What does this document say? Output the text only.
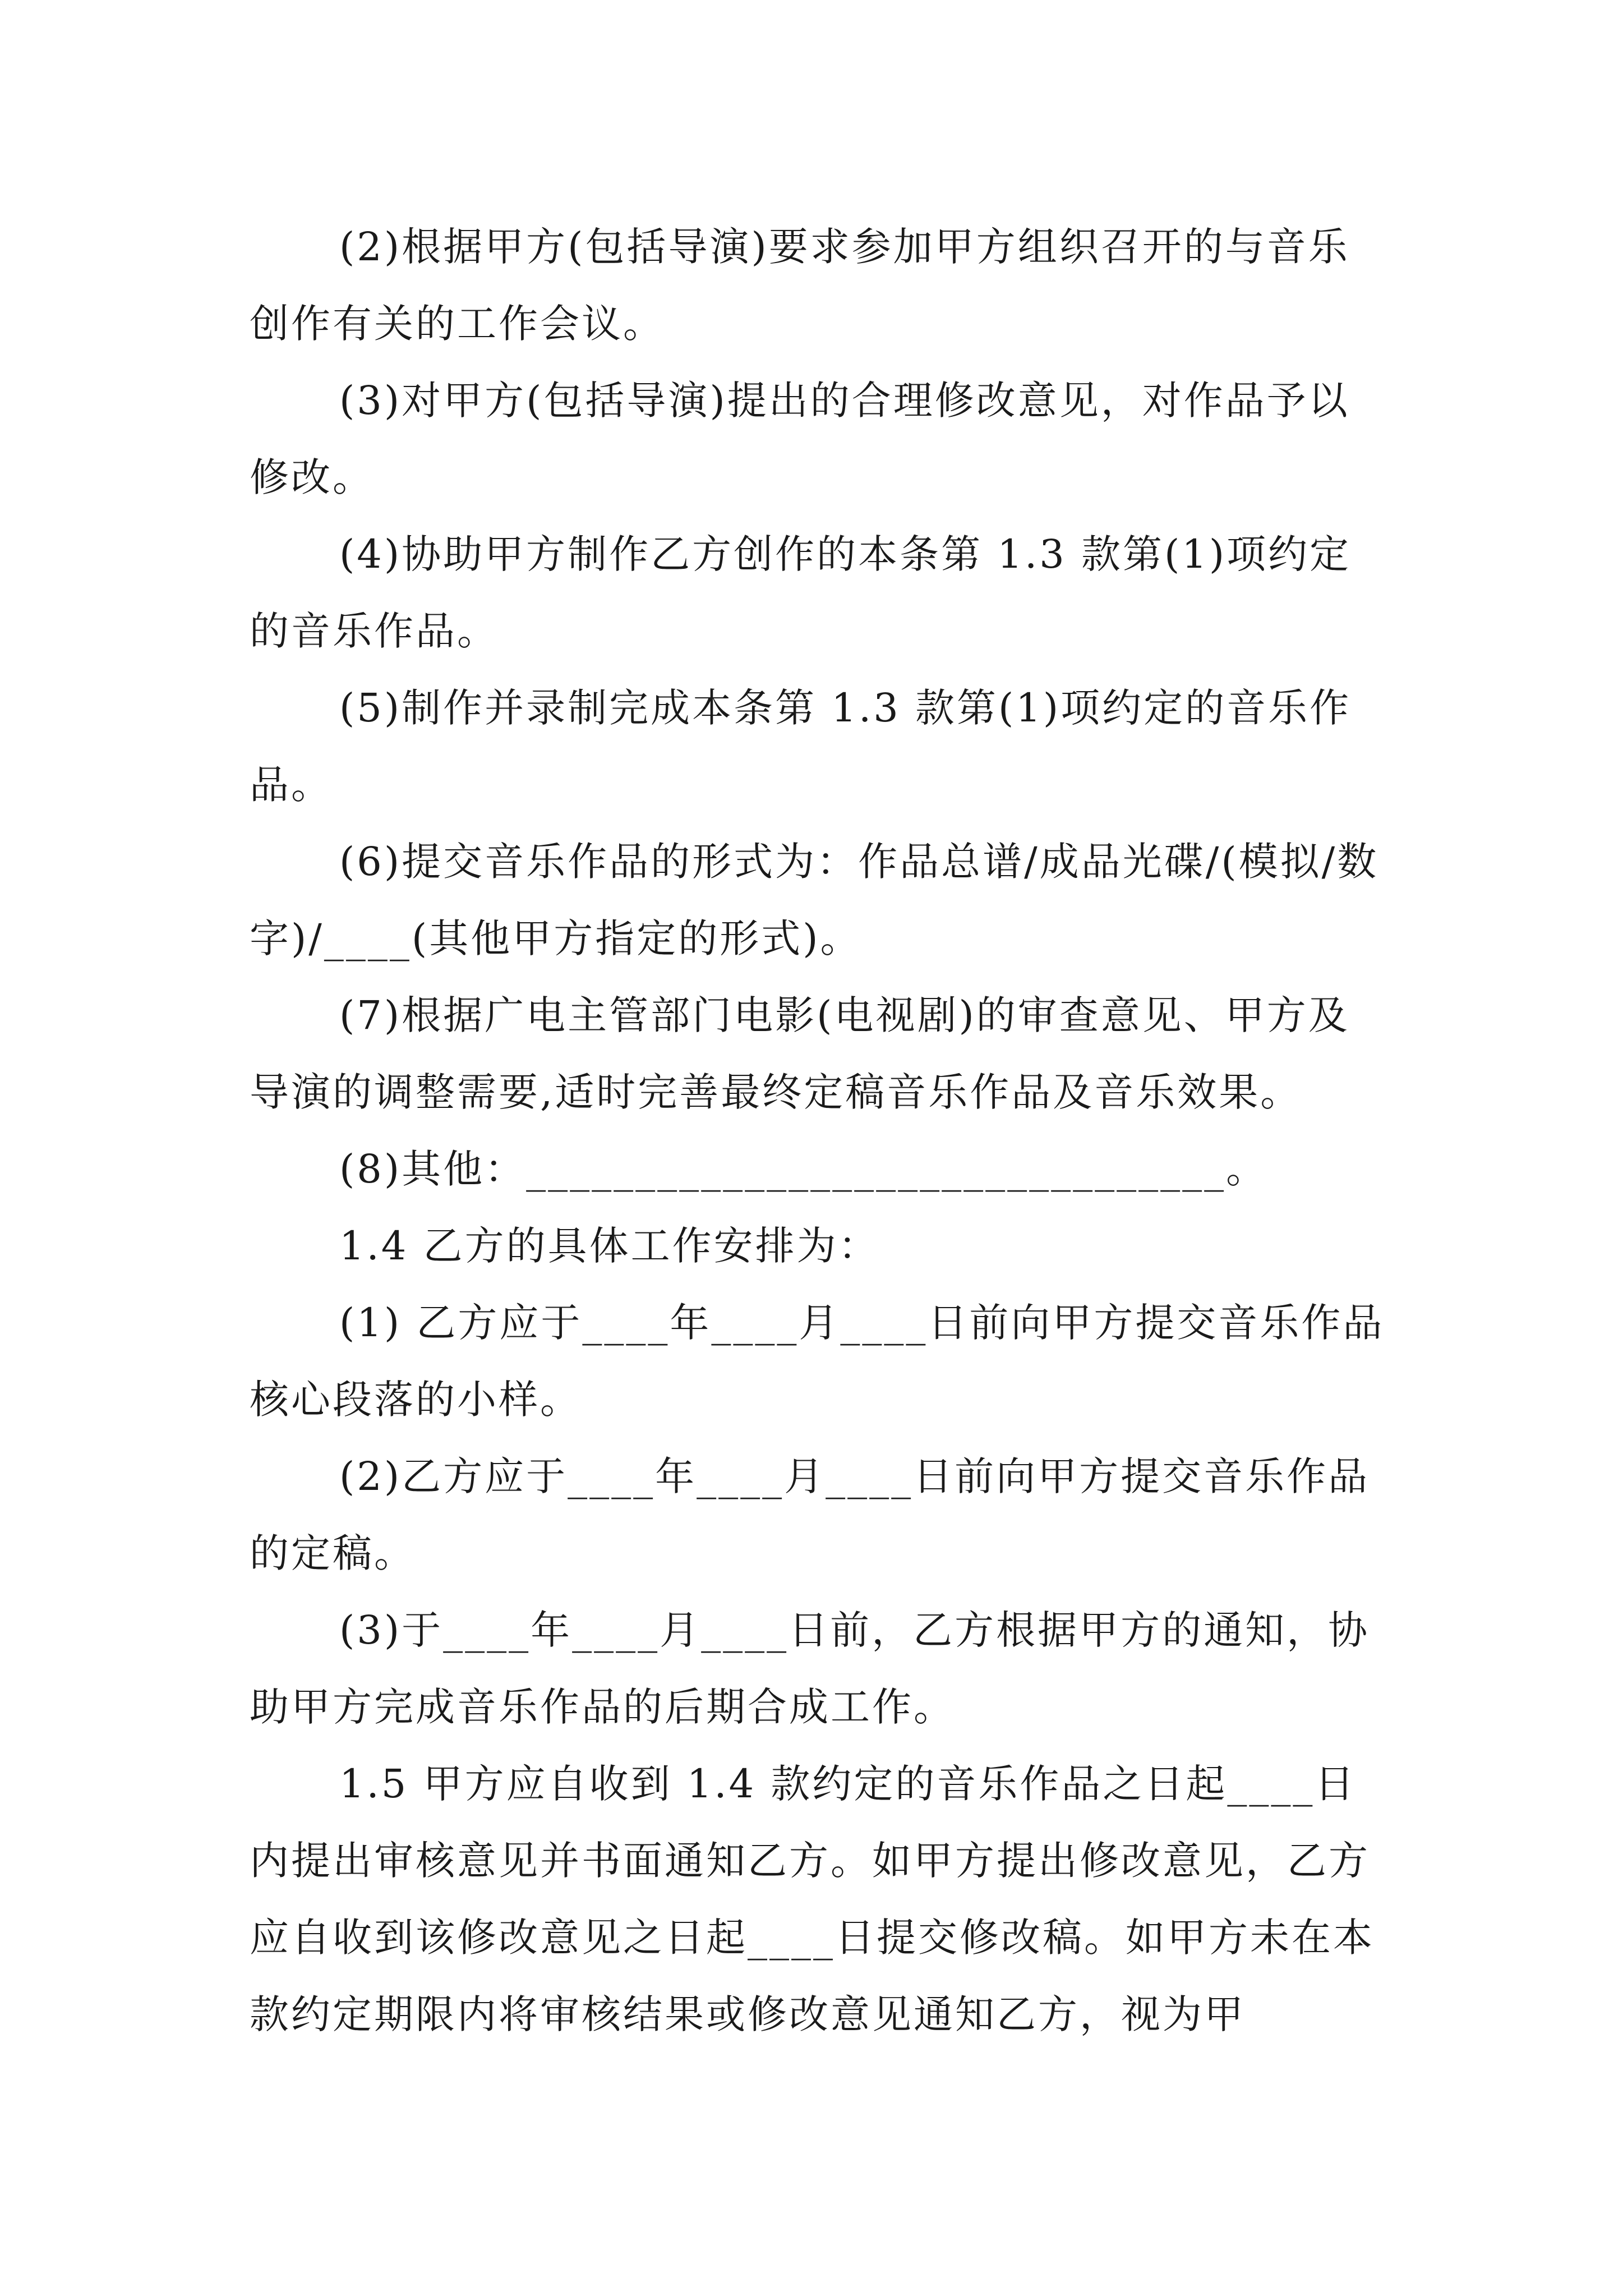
(2)根据甲方(包括导演)要求参加甲方组织召开的与音乐创作有关的工作会议。

(3)对甲方(包括导演)提出的合理修改意见，对作品予以修改。

(4)协助甲方制作乙方创作的本条第 1.3 款第(1)项约定的音乐作品。

(5)制作并录制完成本条第 1.3 款第(1)项约定的音乐作品。

(6)提交音乐作品的形式为：作品总谱/成品光碟/(模拟/数字)/____(其他甲方指定的形式)。

(7)根据广电主管部门电影(电视剧)的审查意见、甲方及导演的调整需要,适时完善最终定稿音乐作品及音乐效果。

(8)其他：________________________________。

1.4 乙方的具体工作安排为：

(1) 乙方应于____年____月____日前向甲方提交音乐作品核心段落的小样。

(2)乙方应于____年____月____日前向甲方提交音乐作品的定稿。

(3)于____年____月____日前，乙方根据甲方的通知，协助甲方完成音乐作品的后期合成工作。

1.5 甲方应自收到 1.4 款约定的音乐作品之日起____日内提出审核意见并书面通知乙方。如甲方提出修改意见，乙方应自收到该修改意见之日起____日提交修改稿。如甲方未在本款约定期限内将审核结果或修改意见通知乙方，视为甲
